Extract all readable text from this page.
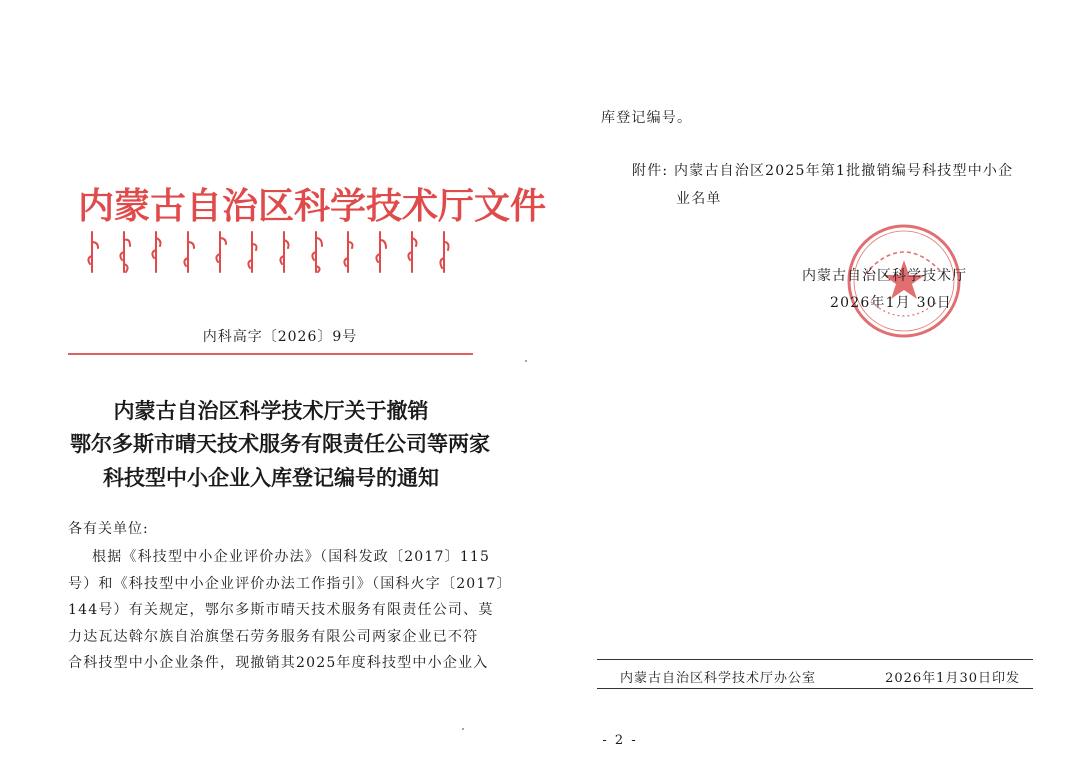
内蒙古自治区科学技术厅文件
内科高字〔2026〕9号
内蒙古自治区科学技术厅关于撤销
鄂尔多斯市晴天技术服务有限责任公司等两家
科技型中小企业入库登记编号的通知
各有关单位:
根据《科技型中小企业评价办法》（国科发政〔2017〕115
号）和《科技型中小企业评价办法工作指引》（国科火字〔2017〕
144号）有关规定，鄂尔多斯市晴天技术服务有限责任公司、莫
力达瓦达斡尔族自治旗堡石劳务服务有限公司两家企业已不符
合科技型中小企业条件，现撤销其2025年度科技型中小企业入
库登记编号。
附件: 内蒙古自治区2025年第1批撤销编号科技型中小企
业名单
内蒙古自治区科学技术厅
2026年1月 30日
内蒙古自治区科学技术厅办公室	2026年1月30日印发
- 2 -
